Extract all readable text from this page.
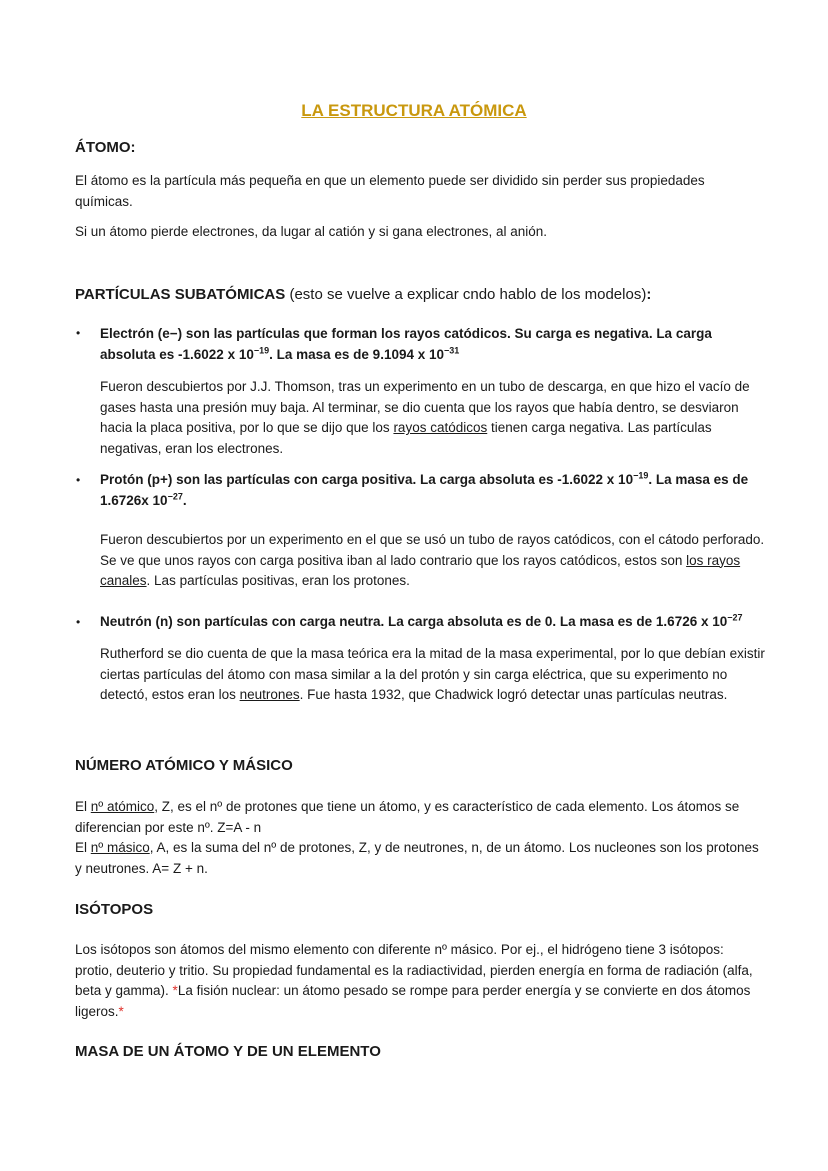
LA ESTRUCTURA ATÓMICA
ÁTOMO:
El átomo es la partícula más pequeña en que un elemento puede ser dividido sin perder sus propiedades químicas.
Si un átomo pierde electrones, da lugar al catión y si gana electrones, al anión.
PARTÍCULAS SUBATÓMICAS (esto se vuelve a explicar cndo hablo de los modelos):
• Electrón (e−) son las partículas que forman los rayos catódicos. Su carga es negativa. La carga absoluta es -1.6022 x $10^{-19}$. La masa es de 9.1094 x $10^{-31}$
Fueron descubiertos por J.J. Thomson, tras un experimento en un tubo de descarga, en que hizo el vacío de gases hasta una presión muy baja. Al terminar, se dio cuenta que los rayos que había dentro, se desviaron hacia la placa positiva, por lo que se dijo que los rayos catódicos tienen carga negativa. Las partículas negativas, eran los electrones.
• Protón (p+) son las partículas con carga positiva. La carga absoluta es -1.6022 x $10^{-19}$. La masa es de 1.6726x $10^{-27}$.
Fueron descubiertos por un experimento en el que se usó un tubo de rayos catódicos, con el cátodo perforado. Se ve que unos rayos con carga positiva iban al lado contrario que los rayos catódicos, estos son los rayos canales. Las partículas positivas, eran los protones.
• Neutrón (n) son partículas con carga neutra. La carga absoluta es de 0. La masa es de 1.6726 x $10^{-27}$
Rutherford se dio cuenta de que la masa teórica era la mitad de la masa experimental, por lo que debían existir ciertas partículas del átomo con masa similar a la del protón y sin carga eléctrica, que su experimento no detectó, estos eran los neutrones. Fue hasta 1932, que Chadwick logró detectar unas partículas neutras.
NÚMERO ATÓMICO Y MÁSICO
El nº atómico, Z, es el nº de protones que tiene un átomo, y es característico de cada elemento. Los átomos se diferencian por este nº. Z=A - n
El nº másico, A, es la suma del nº de protones, Z, y de neutrones, n, de un átomo. Los nucleones son los protones y neutrones. A= Z + n.
ISÓTOPOS
Los isótopos son átomos del mismo elemento con diferente nº másico. Por ej., el hidrógeno tiene 3 isótopos: protio, deuterio y tritio. Su propiedad fundamental es la radiactividad, pierden energía en forma de radiación (alfa, beta y gamma). *La fisión nuclear: un átomo pesado se rompe para perder energía y se convierte en dos átomos ligeros.*
MASA DE UN ÁTOMO Y DE UN ELEMENTO
